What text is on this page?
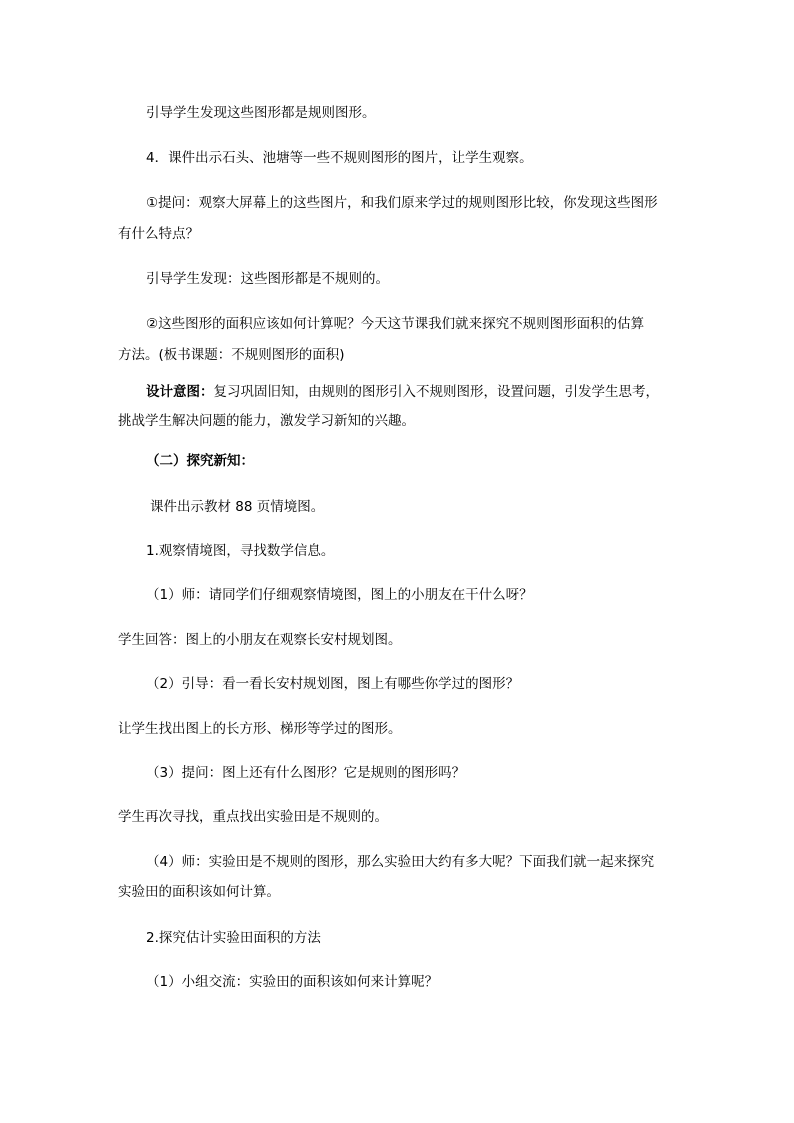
引导学生发现这些图形都是规则图形。
4．课件出示石头、池塘等一些不规则图形的图片，让学生观察。
①提问：观察大屏幕上的这些图片，和我们原来学过的规则图形比较，你发现这些图形
有什么特点？
引导学生发现：这些图形都是不规则的。
②这些图形的面积应该如何计算呢？今天这节课我们就来探究不规则图形面积的估算
方法。(板书课题：不规则图形的面积)
设计意图：复习巩固旧知，由规则的图形引入不规则图形，设置问题，引发学生思考，
挑战学生解决问题的能力，激发学习新知的兴趣。
（二）探究新知：
课件出示教材 88 页情境图。
1.观察情境图，寻找数学信息。
（1）师：请同学们仔细观察情境图，图上的小朋友在干什么呀？
学生回答：图上的小朋友在观察长安村规划图。
（2）引导：看一看长安村规划图，图上有哪些你学过的图形？
让学生找出图上的长方形、梯形等学过的图形。
（3）提问：图上还有什么图形？它是规则的图形吗？
学生再次寻找，重点找出实验田是不规则的。
（4）师：实验田是不规则的图形，那么实验田大约有多大呢？下面我们就一起来探究
实验田的面积该如何计算。
2.探究估计实验田面积的方法
（1）小组交流：实验田的面积该如何来计算呢？
